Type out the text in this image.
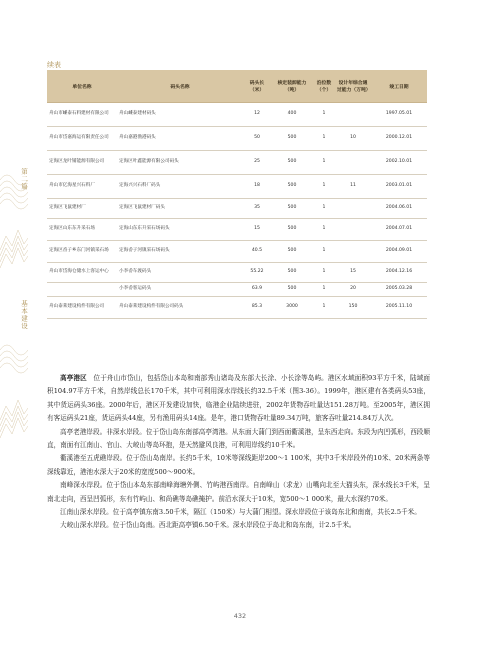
第二篇
基本建设
续表
单位名称	码头名称	码头长（米）	核定装卸能力（吨）	泊位数（个）	设计年综合通过能力（万吨）	竣工日期
舟山市嵊泰石料建材有限公司	舟山嵊泰建材码头	12	400	1		1997.05.01
舟山市岱嘉海运有限责任公司	舟山嘉港渔港码头	50	500	1	10	2000.12.01
定海区龙叶铺能源有限公司	定海区叶鑫能源有限公司码头	25	500	1		2002.10.01
舟山市亿海星兴石料厂	定海兴兴石料厂码头	18	500	1	11	2003.01.01
定海区飞鼠建材厂	定海区飞鼠建材厂码头	35	500	1		2004.06.01
定海区山东东升采石场	定海山东东升采石场码头	15	500	1		2004.07.01
定海区岙子乡东门河镇采石场	定海岙子河镇采石场码头	40.5	500	1		2004.09.01
舟山市岱海仓储水上客运中心	小李岙车渡码头	55.22	500	1	15	2004.12.16
	小李岙客运码头	63.9	500	1	20	2005.03.28
舟山泰莱建设构件有限公司	舟山泰莱建设构件有限公司码头	85.3	3000	1	150	2005.11.10

高亭港区　 位于舟山市岱山，包括岱山本岛和南部秀山诸岛及东部大长涂、小长涂等岛屿。港区水域面积93平方千米，陆域面积104.97平方千米，自然岸线总长170千米，其中可利用深水岸线长约32.5千米（图3-36）。1999年，港区建有各类码头53座，其中货运码头36座。2000年后，港区开发建设加快，临港企业陆续进驻，2002年货物吞吐量达151.28万吨。至2005年，港区拥有客运码头21座，货运码头44座，另有渔用码头14座。是年，港口货物吞吐量89.34万吨，旅客吞吐量214.84万人次。

高亭老港岸段。非深水岸段。位于岱山岛东南部高亭湾港。从东面大蒲门到西面衢溪港，呈东西走向。东段为内凹弧形，西段顺直，南面有江南山、官山、大峧山等岛环抱，是天然避风良港，可利用岸线约10千米。

衢溪港至五虎礁岸段。位于岱山岛南岸。长约5千米，10米等深线距岸200～1 100米，其中3千米岸段外的10米、20米两条等深线靠近，港池水深大于20米的宽度500～900米。

南峰深水岸段。位于岱山本岛东部南峰海塘外侧、竹屿港西南岸。自南峰山（求龙）山嘴向北至大猫头东，深水线长3千米，呈南北走向，西呈凹弧形，东有竹屿山、和尚礁等岛礁掩护。前沿水深大于10米，宽500～1 000米，最大水深约70米。

江南山深水岸段。位于高亭镇东南3.50千米，隔江（150米）与大蒲门相望。深水岸段位于该岛东北和南南，共长2.5千米。

大峧山深水岸段。位于岱山岛南。西北距高亭镇6.50千米。深水岸段位于岛北和岛东南，计2.5千米。

432
